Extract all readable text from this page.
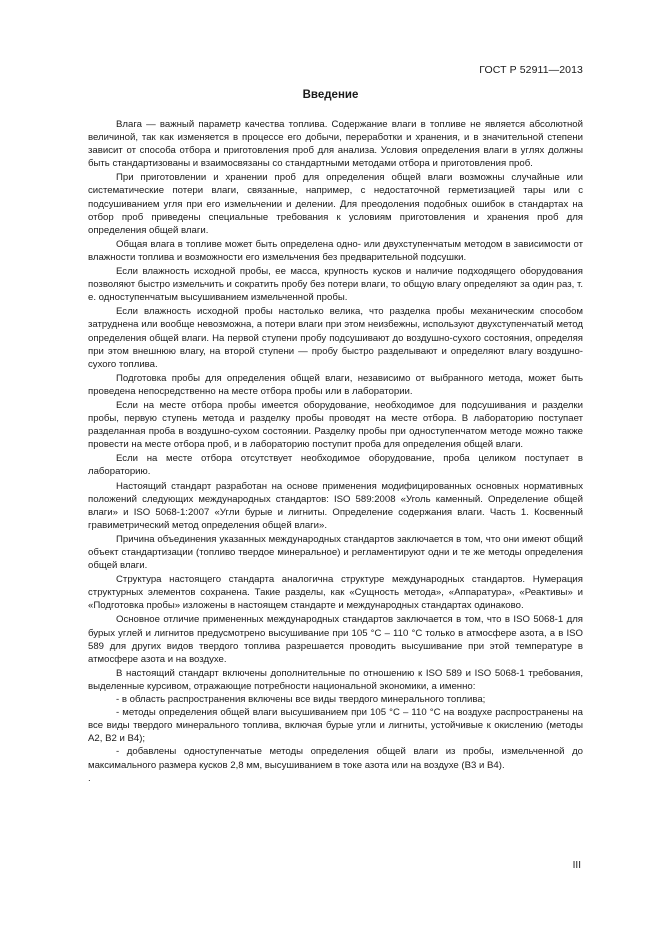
ГОСТ Р 52911—2013
Введение

Влага — важный параметр качества топлива. Содержание влаги в топливе не является абсолютной величиной, так как изменяется в процессе его добычи, переработки и хранения, и в значительной степени зависит от способа отбора и приготовления проб для анализа. Условия определения влаги в углях должны быть стандартизованы и взаимосвязаны со стандартными методами отбора и приготовления проб.

При приготовлении и хранении проб для определения общей влаги возможны случайные или систематические потери влаги, связанные, например, с недостаточной герметизацией тары или с подсушиванием угля при его измельчении и делении. Для преодоления подобных ошибок в стандартах на отбор проб приведены специальные требования к условиям приготовления и хранения проб для определения общей влаги.

Общая влага в топливе может быть определена одно- или двухступенчатым методом в зависимости от влажности топлива и возможности его измельчения без предварительной подсушки.

Если влажность исходной пробы, ее масса, крупность кусков и наличие подходящего оборудования позволяют быстро измельчить и сократить пробу без потери влаги, то общую влагу определяют за один раз, т. е. одноступенчатым высушиванием измельченной пробы.

Если влажность исходной пробы настолько велика, что разделка пробы механическим способом затруднена или вообще невозможна, а потери влаги при этом неизбежны, используют двухступенчатый метод определения общей влаги. На первой ступени пробу подсушивают до воздушно-сухого состояния, определяя при этом внешнюю влагу, на второй ступени — пробу быстро разделывают и определяют влагу воздушно-сухого топлива.

Подготовка пробы для определения общей влаги, независимо от выбранного метода, может быть проведена непосредственно на месте отбора пробы или в лаборатории.

Если на месте отбора пробы имеется оборудование, необходимое для подсушивания и разделки пробы, первую ступень метода и разделку пробы проводят на месте отбора. В лабораторию поступает разделанная проба в воздушно-сухом состоянии. Разделку пробы при одноступенчатом методе можно также провести на месте отбора проб, и в лабораторию поступит проба для определения общей влаги.

Если на месте отбора отсутствует необходимое оборудование, проба целиком поступает в лабораторию.

Настоящий стандарт разработан на основе применения модифицированных основных нормативных положений следующих международных стандартов: ISO 589:2008 «Уголь каменный. Определение общей влаги» и ISO 5068-1:2007 «Угли бурые и лигниты. Определение содержания влаги. Часть 1. Косвенный гравиметрический метод определения общей влаги».

Причина объединения указанных международных стандартов заключается в том, что они имеют общий объект стандартизации (топливо твердое минеральное) и регламентируют одни и те же методы определения общей влаги.

Структура настоящего стандарта аналогична структуре международных стандартов. Нумерация структурных элементов сохранена. Такие разделы, как «Сущность метода», «Аппаратура», «Реактивы» и «Подготовка пробы» изложены в настоящем стандарте и международных стандартах одинаково.

Основное отличие примененных международных стандартов заключается в том, что в ISO 5068-1 для бурых углей и лигнитов предусмотрено высушивание при 105 °С – 110 °С только в атмосфере азота, а в ISO 589 для других видов твердого топлива разрешается проводить высушивание при этой температуре в атмосфере азота и на воздухе.

В настоящий стандарт включены дополнительные по отношению к ISO 589 и ISO 5068-1 требования, выделенные курсивом, отражающие потребности национальной экономики, а именно:

- в область распространения включены все виды твердого минерального топлива;

- методы определения общей влаги высушиванием при 105 °С – 110 °С на воздухе распространены на все виды твердого минерального топлива, включая бурые угли и лигниты, устойчивые к окислению (методы А2, В2 и В4);

- добавлены одноступенчатые методы определения общей влаги из пробы, измельченной до максимального размера кусков 2,8 мм, высушиванием в токе азота или на воздухе (В3 и В4).

.

III
